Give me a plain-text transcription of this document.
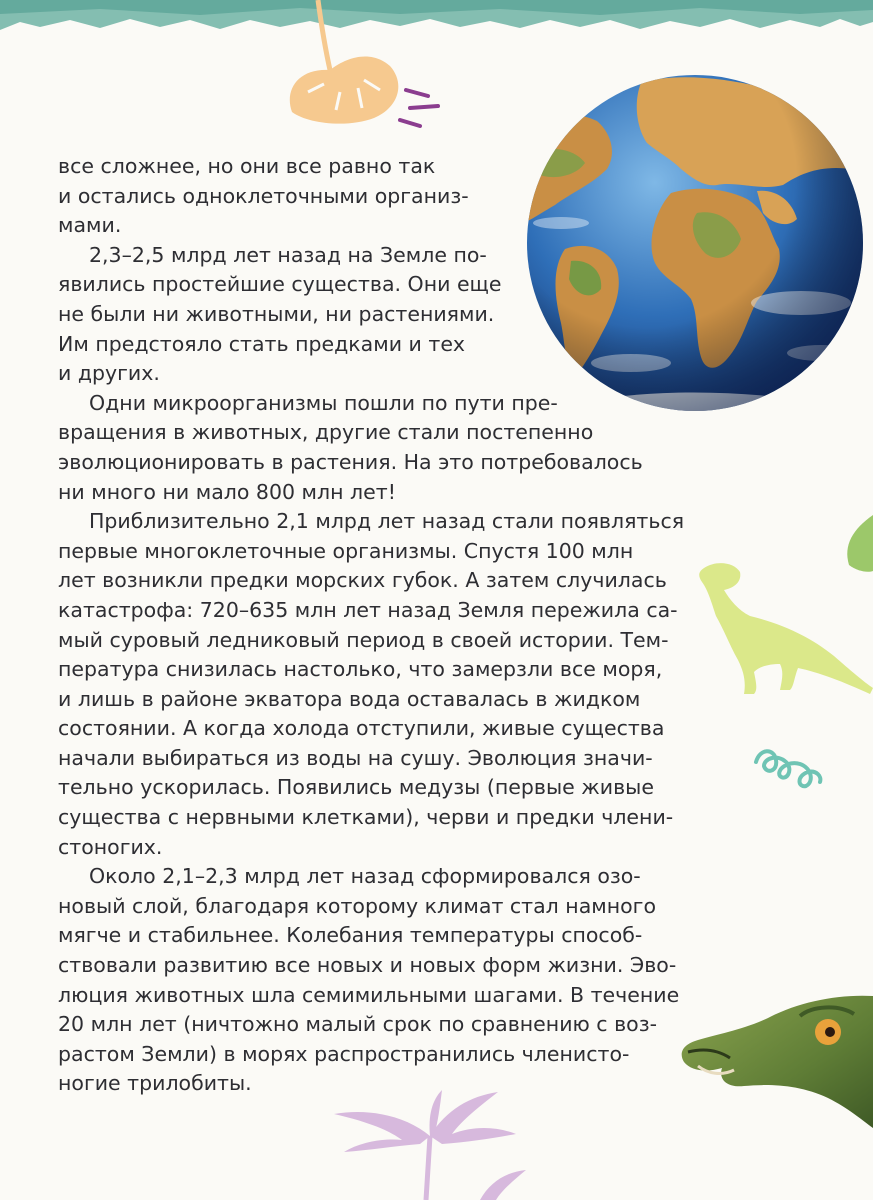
все сложнее, но они все равно так
и остались одноклеточными организ-
мами.
2,3–2,5 млрд лет назад на Земле по-
явились простейшие существа. Они еще
не были ни животными, ни растениями.
Им предстояло стать предками и тех
и других.
Одни микроорганизмы пошли по пути пре-
вращения в животных, другие стали постепенно
эволюционировать в растения. На это потребовалось
ни много ни мало 800 млн лет!
Приблизительно 2,1 млрд лет назад стали появляться
первые многоклеточные организмы. Спустя 100 млн
лет возникли предки морских губок. А затем случилась
катастрофа: 720–635 млн лет назад Земля пережила са-
мый суровый ледниковый период в своей истории. Тем-
пература снизилась настолько, что замерзли все моря,
и лишь в районе экватора вода оставалась в жидком
состоянии. А когда холода отступили, живые существа
начали выбираться из воды на сушу. Эволюция значи-
тельно ускорилась. Появились медузы (первые живые
существа с нервными клетками), черви и предки члени-
стоногих.
Около 2,1–2,3 млрд лет назад сформировался озо-
новый слой, благодаря которому климат стал намного
мягче и стабильнее. Колебания температуры способ-
ствовали развитию все новых и новых форм жизни. Эво-
люция животных шла семимильными шагами. В течение
20 млн лет (ничтожно малый срок по сравнению с воз-
растом Земли) в морях распространились членисто-
ногие трилобиты.
